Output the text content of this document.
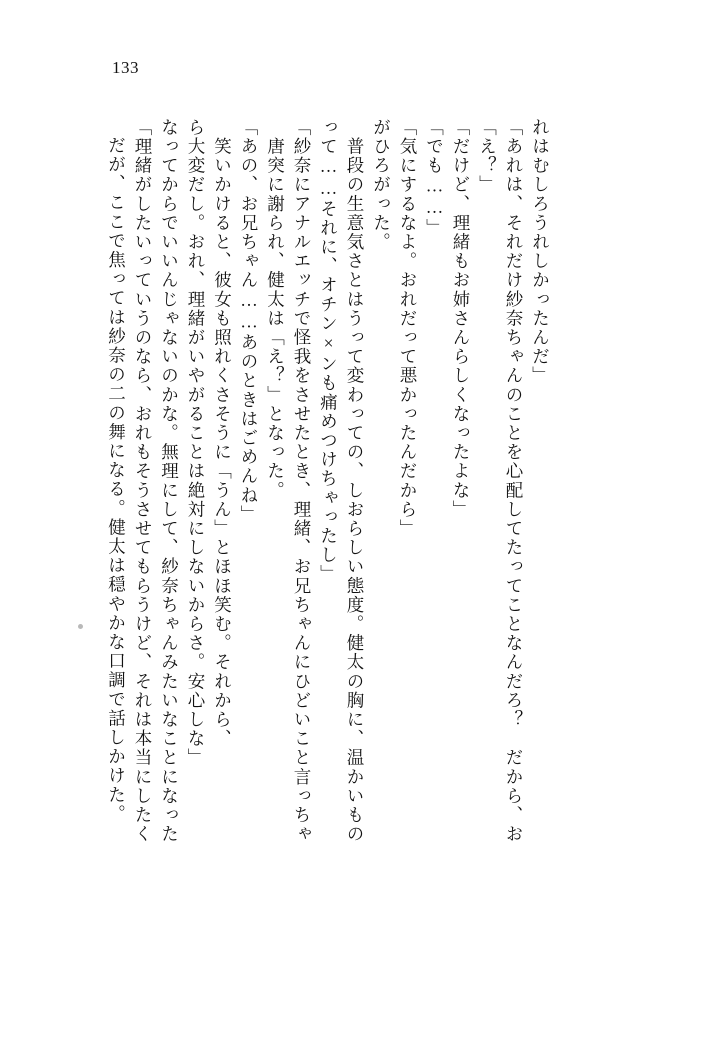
133
だが、ここで焦っては紗奈の二の舞になる。健太は穏やかな口調で話しかけた。 「理緒がしたいっていうのなら、おれもそうさせてもらうけど、それは本当にしたく なってからでいいんじゃないのかな。無理にして、紗奈ちゃんみたいなことになった ら大変だし。おれ、理緒がいやがることは絶対にしないからさ。安心しな」 　笑いかけると、彼女も照れくさそうに「うん」とほほ笑む。それから、 「あの、お兄ちゃん……あのときはごめんね」 　唐突に謝られ、健太は「え？」となった。 「紗奈にアナルエッチで怪我をさせたとき、理緒、お兄ちゃんにひどいこと言っちゃ って……それに、オチン×ンも痛めつけちゃったし」 　普段の生意気さとはうって変わっての、しおらしい態度。健太の胸に、温かいもの がひろがった。 「気にするなよ。おれだって悪かったんだから」 「でも……」 「だけど、理緒もお姉さんらしくなったよな」 「え？」 「あれは、それだけ紗奈ちゃんのことを心配してたってことなんだろ？　だから、お れはむしろうれしかったんだ」
